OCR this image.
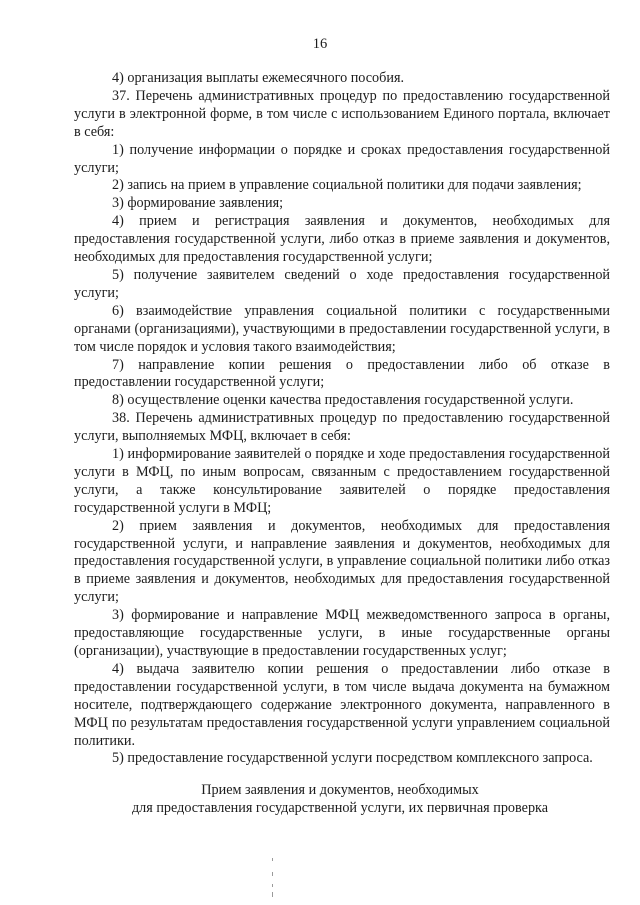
16

4) организация выплаты ежемесячного пособия.

37. Перечень административных процедур по предоставлению государственной услуги в электронной форме, в том числе с использованием Единого портала, включает в себя:

1) получение информации о порядке и сроках предоставления государственной услуги;

2) запись на прием в управление социальной политики для подачи заявления;

3) формирование заявления;

4) прием и регистрация заявления и документов, необходимых для предоставления государственной услуги, либо отказ в приеме заявления и документов, необходимых для предоставления государственной услуги;

5) получение заявителем сведений о ходе предоставления государственной услуги;

6) взаимодействие управления социальной политики с государственными органами (организациями), участвующими в предоставлении государственной услуги, в том числе порядок и условия такого взаимодействия;

7) направление копии решения о предоставлении либо об отказе в предоставлении государственной услуги;

8) осуществление оценки качества предоставления государственной услуги.

38. Перечень административных процедур по предоставлению государственной услуги, выполняемых МФЦ, включает в себя:

1) информирование заявителей о порядке и ходе предоставления государственной услуги в МФЦ, по иным вопросам, связанным с предоставлением государственной услуги, а также консультирование заявителей о порядке предоставления государственной услуги в МФЦ;

2) прием заявления и документов, необходимых для предоставления государственной услуги, и направление заявления и документов, необходимых для предоставления государственной услуги, в управление социальной политики либо отказ в приеме заявления и документов, необходимых для предоставления государственной услуги;

3) формирование и направление МФЦ межведомственного запроса в органы, предоставляющие государственные услуги, в иные государственные органы (организации), участвующие в предоставлении государственных услуг;

4) выдача заявителю копии решения о предоставлении либо отказе в предоставлении государственной услуги, в том числе выдача документа на бумажном носителе, подтверждающего содержание электронного документа, направленного в МФЦ по результатам предоставления государственной услуги управлением социальной политики.

5) предоставление государственной услуги посредством комплексного запроса.

Прием заявления и документов, необходимых
для предоставления государственной услуги, их первичная проверка
